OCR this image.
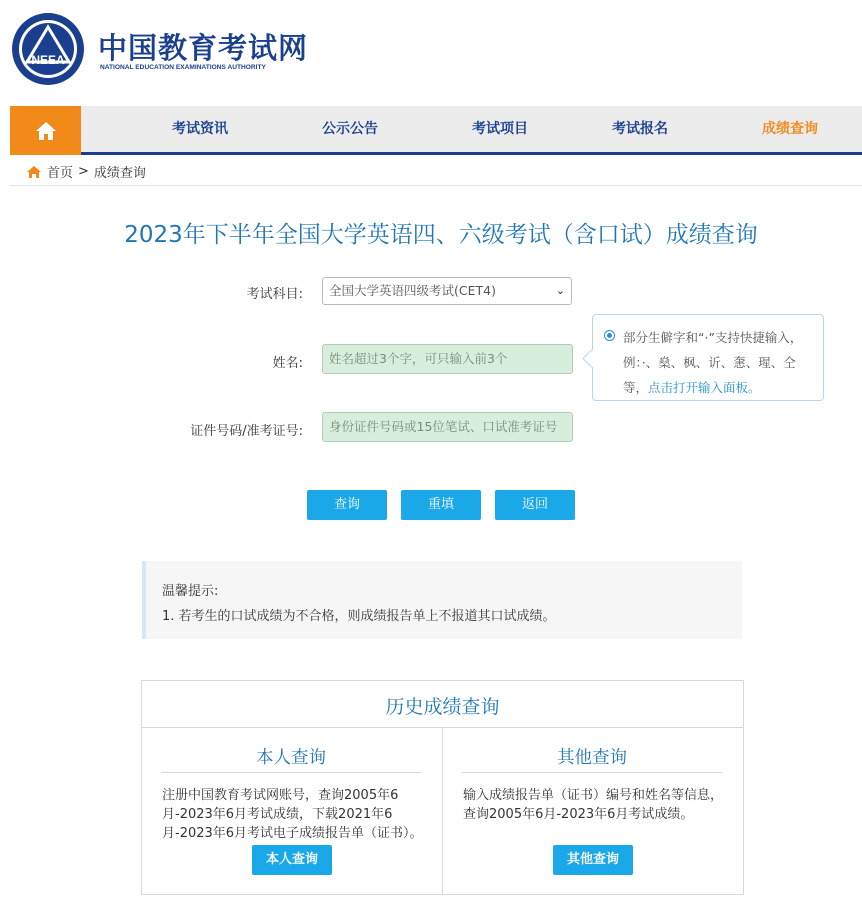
NEEA 中国教育考试网
NATIONAL EDUCATION EXAMINATIONS AUTHORITY
考试资讯	公示公告	考试项目	考试报名	成绩查询
首页 > 成绩查询
2023年下半年全国大学英语四、六级考试（含口试）成绩查询
考试科目:	全国大学英语四级考试(CET4)	⌄
姓名:	姓名超过3个字，可只输入前3个
证件号码/准考证号:	身份证件号码或15位笔试、口试准考证号
部分生僻字和“·”支持快捷输入，例：·、燊、枫、䜣、㥣、瑆、仝等，点击打开输入面板。
查询	重填	返回
温馨提示:
1. 若考生的口试成绩为不合格，则成绩报告单上不报道其口试成绩。
历史成绩查询
本人查询
注册中国教育考试网账号，查询2005年6月-2023年6月考试成绩，下载2021年6月-2023年6月考试电子成绩报告单（证书）。
本人查询
其他查询
输入成绩报告单（证书）编号和姓名等信息，查询2005年6月-2023年6月考试成绩。
其他查询
